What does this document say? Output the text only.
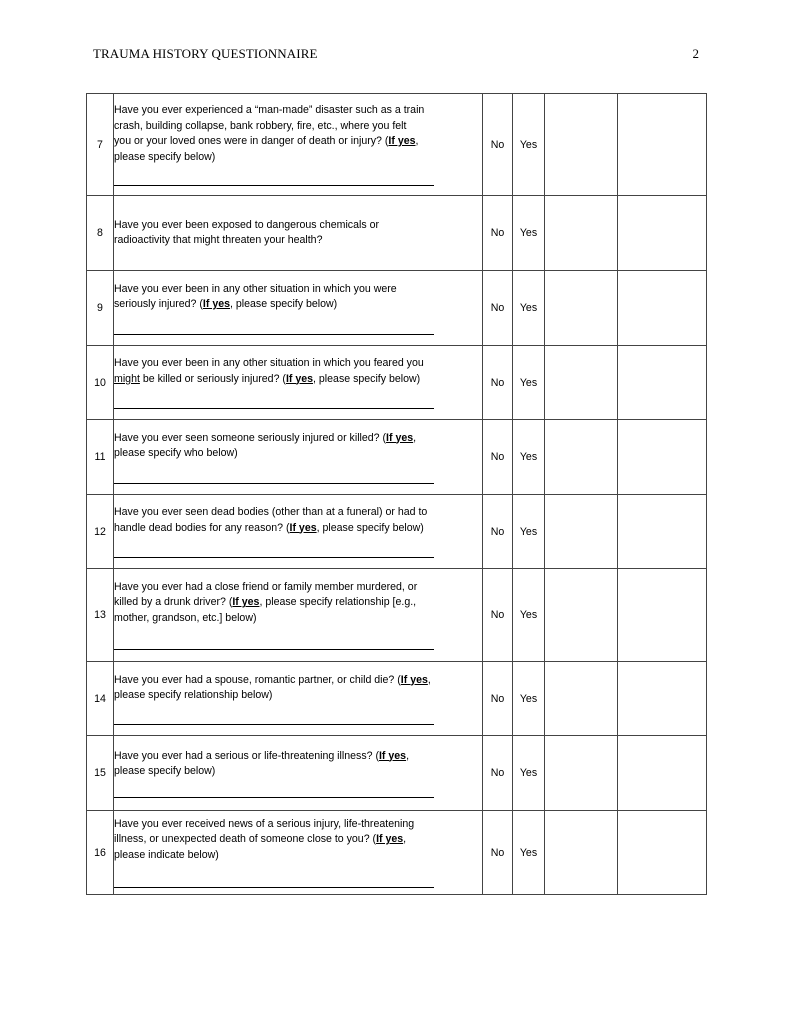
TRAUMA HISTORY QUESTIONNAIRE	2
7	Have you ever experienced a “man-made” disaster such as a train
crash, building collapse, bank robbery, fire, etc., where you felt
you or your loved ones were in danger of death or injury? (If yes,
please specify below)	No	Yes		
8	Have you ever been exposed to dangerous chemicals or
radioactivity that might threaten your health?	No	Yes		
9	Have you ever been in any other situation in which you were
seriously injured? (If yes, please specify below)	No	Yes		
10	Have you ever been in any other situation in which you feared you
might be killed or seriously injured? (If yes, please specify below)	No	Yes		
11	Have you ever seen someone seriously injured or killed? (If yes,
please specify who below)	No	Yes		
12	Have you ever seen dead bodies (other than at a funeral) or had to
handle dead bodies for any reason? (If yes, please specify below)	No	Yes		
13	Have you ever had a close friend or family member murdered, or
killed by a drunk driver? (If yes, please specify relationship [e.g.,
mother, grandson, etc.] below)	No	Yes		
14	Have you ever had a spouse, romantic partner, or child die? (If yes,
please specify relationship below)	No	Yes		
15	Have you ever had a serious or life-threatening illness? (If yes,
please specify below)	No	Yes		
16	Have you ever received news of a serious injury, life-threatening
illness, or unexpected death of someone close to you? (If yes,
please indicate below)	No	Yes		
